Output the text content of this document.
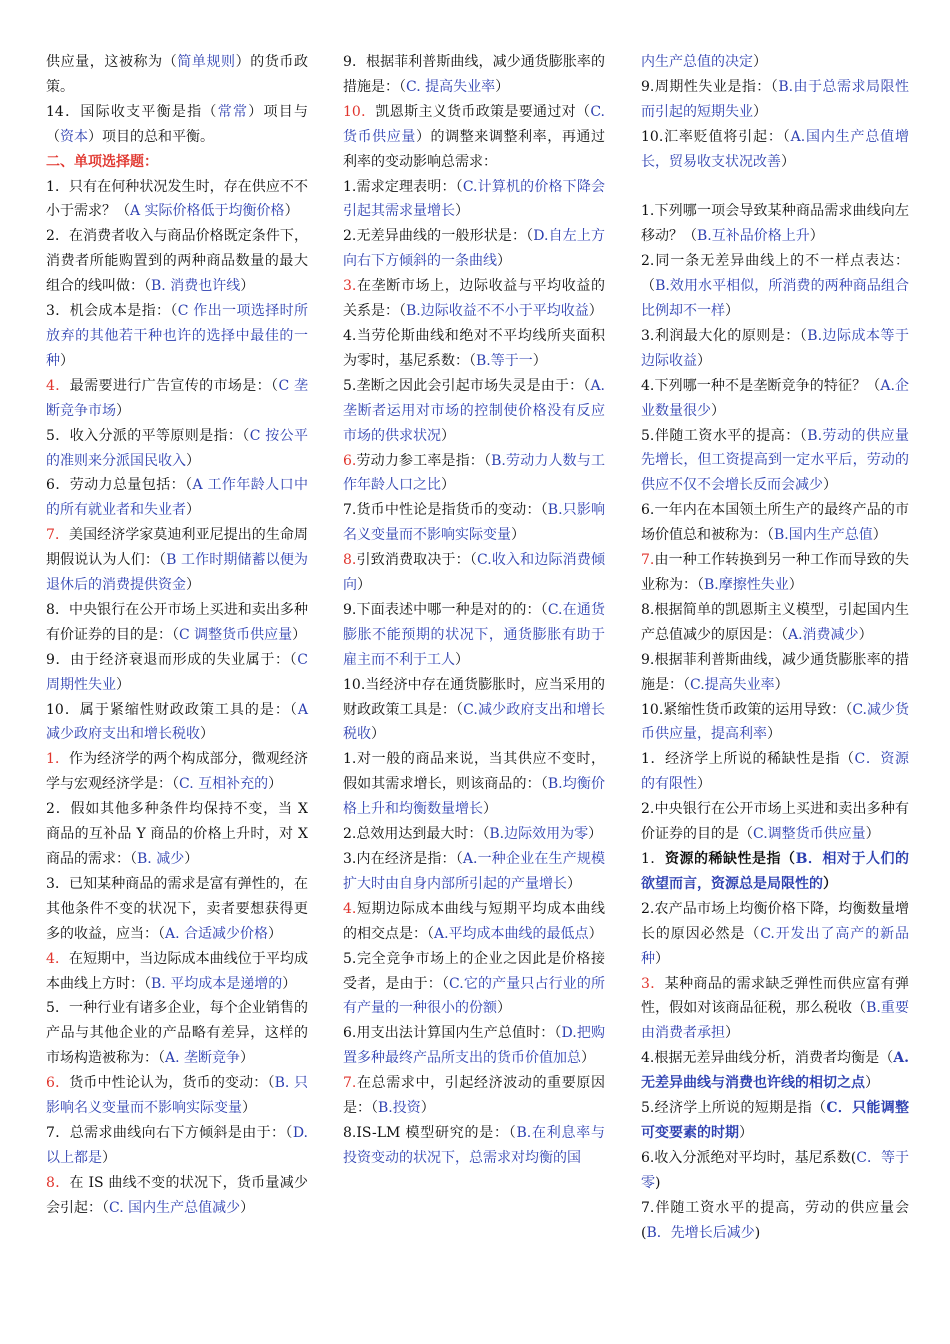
供应量，这被称为（简单规则）的货币政策。

14．国际收支平衡是指（常常）项目与（资本）项目的总和平衡。

二、单项选择题：

1．只有在何种状况发生时，存在供应不不小于需求？（A 实际价格低于均衡价格）

2．在消费者收入与商品价格既定条件下，消费者所能购置到的两种商品数量的最大组合的线叫做：（B. 消费也许线）

3．机会成本是指：（C 作出一项选择时所放弃的其他若干种也许的选择中最佳的一种）

4．最需要进行广告宣传的市场是：（C 垄断竞争市场）

5．收入分派的平等原则是指：（C 按公平的准则来分派国民收入）

6．劳动力总量包括：（A 工作年龄人口中的所有就业者和失业者）

7．美国经济学家莫迪利亚尼提出的生命周期假说认为人们：（B 工作时期储蓄以便为退休后的消费提供资金）

8．中央银行在公开市场上买进和卖出多种有价证券的目的是：（C 调整货币供应量）

9．由于经济衰退而形成的失业属于：（C 周期性失业）

10．属于紧缩性财政政策工具的是：（A 减少政府支出和增长税收）

1．作为经济学的两个构成部分，微观经济学与宏观经济学是：（C. 互相补充的）

2．假如其他多种条件均保持不变，当 X 商品的互补品 Y 商品的价格上升时，对 X 商品的需求：（B. 减少）

3．已知某种商品的需求是富有弹性的，在其他条件不变的状况下，卖者要想获得更多的收益，应当：（A. 合适减少价格）

4．在短期中，当边际成本曲线位于平均成本曲线上方时：（B. 平均成本是递增的）

5．一种行业有诸多企业，每个企业销售的产品与其他企业的产品略有差异，这样的市场构造被称为：（A. 垄断竞争）

6．货币中性论认为，货币的变动：（B. 只影响名义变量而不影响实际变量）

7．总需求曲线向右下方倾斜是由于：（D. 以上都是）

8．在 IS 曲线不变的状况下，货币量减少会引起：（C. 国内生产总值减少）

9．根据菲利普斯曲线，减少通货膨胀率的措施是：（C. 提高失业率）

10．凯恩斯主义货币政策是要通过对（C. 货币供应量）的调整来调整利率，再通过利率的变动影响总需求：

1.需求定理表明：（C.计算机的价格下降会引起其需求量增长）

2.无差异曲线的一般形状是：（D.自左上方向右下方倾斜的一条曲线）

3.在垄断市场上，边际收益与平均收益的关系是：（B.边际收益不不小于平均收益）

4.当劳伦斯曲线和绝对不平均线所夹面积为零时，基尼系数：（B.等于一）

5.垄断之因此会引起市场失灵是由于：（A.垄断者运用对市场的控制使价格没有反应市场的供求状况）

6.劳动力参工率是指：（B.劳动力人数与工作年龄人口之比）

7.货币中性论是指货币的变动：（B.只影响名义变量而不影响实际变量）

8.引致消费取决于：（C.收入和边际消费倾向）

9.下面表述中哪一种是对的的：（C.在通货膨胀不能预期的状况下，通货膨胀有助于雇主而不利于工人）

10.当经济中存在通货膨胀时，应当采用的财政政策工具是：（C.减少政府支出和增长税收）

1.对一般的商品来说，当其供应不变时，假如其需求增长，则该商品的：（B.均衡价格上升和均衡数量增长）

2.总效用达到最大时：（B.边际效用为零）

3.内在经济是指：（A.一种企业在生产规模扩大时由自身内部所引起的产量增长）

4.短期边际成本曲线与短期平均成本曲线的相交点是：（A.平均成本曲线的最低点）

5.完全竞争市场上的企业之因此是价格接受者，是由于：（C.它的产量只占行业的所有产量的一种很小的份额）

6.用支出法计算国内生产总值时：（D.把购置多种最终产品所支出的货币价值加总）

7.在总需求中，引起经济波动的重要原因是：（B.投资）

8.IS-LM 模型研究的是：（B.在利息率与投资变动的状况下，总需求对均衡的国

内生产总值的决定）

9.周期性失业是指：（B.由于总需求局限性而引起的短期失业）

10.汇率贬值将引起：（A.国内生产总值增长，贸易收支状况改善）

1.下列哪一项会导致某种商品需求曲线向左移动？（B.互补品价格上升）

2.同一条无差异曲线上的不一样点表达：（B.效用水平相似，所消费的两种商品组合比例却不一样）

3.利润最大化的原则是：（B.边际成本等于边际收益）

4.下列哪一种不是垄断竞争的特征？（A.企业数量很少）

5.伴随工资水平的提高：（B.劳动的供应量先增长，但工资提高到一定水平后，劳动的供应不仅不会增长反而会减少）

6.一年内在本国领土所生产的最终产品的市场价值总和被称为：（B.国内生产总值）

7.由一种工作转换到另一种工作而导致的失业称为：（B.摩擦性失业）

8.根据简单的凯恩斯主义模型，引起国内生产总值减少的原因是：（A.消费减少）

9.根据菲利普斯曲线，减少通货膨胀率的措施是：（C.提高失业率）

10.紧缩性货币政策的运用导致：（C.减少货币供应量，提高利率）

1．经济学上所说的稀缺性是指（C．资源的有限性）

2.中央银行在公开市场上买进和卖出多种有价证券的目的是（C.调整货币供应量）

1．资源的稀缺性是指（B．相对于人们的欲望而言，资源总是局限性的）

2.农产品市场上均衡价格下降，均衡数量增长的原因必然是（C.开发出了高产的新品种）

3．某种商品的需求缺乏弹性而供应富有弹性，假如对该商品征税，那么税收（B.重要由消费者承担）

4.根据无差异曲线分析，消费者均衡是（A.无差异曲线与消费也许线的相切之点）

5.经济学上所说的短期是指（C．只能调整可变要素的时期）

6.收入分派绝对平均时，基尼系数(C．等于零)

7.伴随工资水平的提高，劳动的供应量会(B．先增长后减少)
